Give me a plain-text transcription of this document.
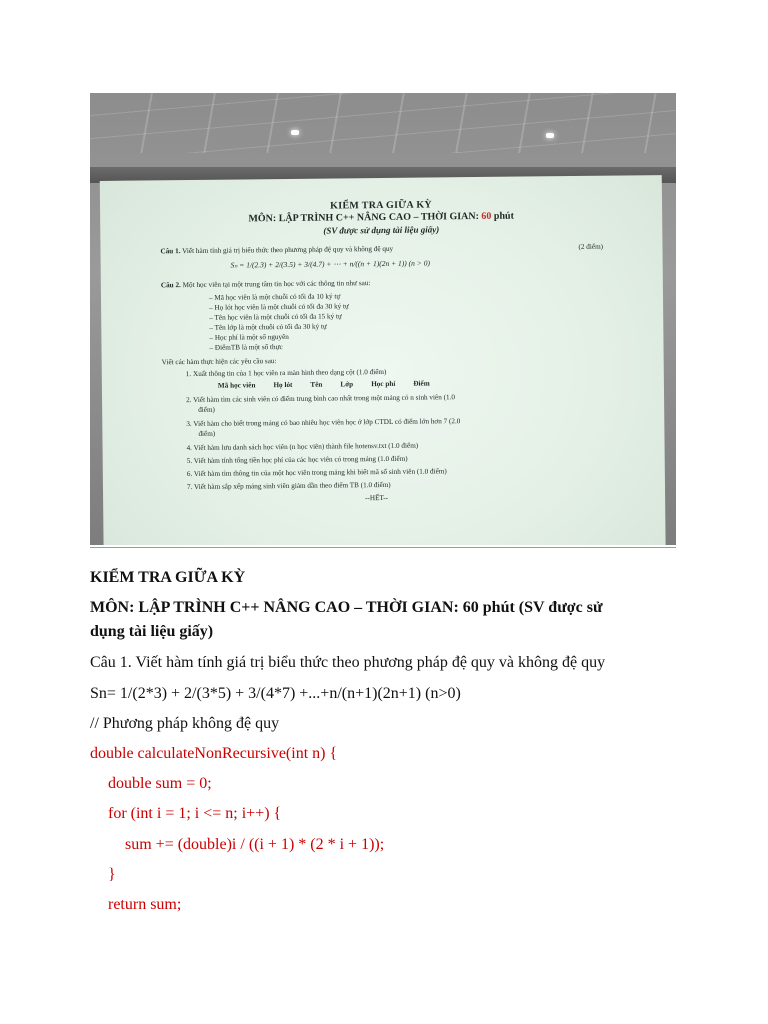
KIỂM TRA GIỮA KỲ
MÔN: LẬP TRÌNH C++ NÂNG CAO – THỜI GIAN: 60 phút
(SV được sử dụng tài liệu giấy)
Câu 1. Viết hàm tính giá trị biểu thức theo phương pháp đệ quy và không đệ quy	(2 điểm)
Sₙ = 1/(2.3) + 2/(3.5) + 3/(4.7) + ⋯ + n/((n + 1)(2n + 1)) (n > 0)
Câu 2. Một học viên tại một trung tâm tin học với các thông tin như sau:
– Mã học viên là một chuỗi có tối đa 10 ký tự
– Họ lót học viên là một chuỗi có tối đa 30 ký tự
– Tên học viên là một chuỗi có tối đa 15 ký tự
– Tên lớp là một chuỗi có tối đa 30 ký tự
– Học phí là một số nguyên
– ĐiểmTB là một số thực
Viết các hàm thực hiện các yêu cầu sau:
1. Xuất thông tin của 1 học viên ra màn hình theo dạng cột (1.0 điểm)
Mã học viên Họ lót Tên Lớp Học phí Điểm
2. Viết hàm tìm các sinh viên có điểm trung bình cao nhất trong một mảng có n sinh viên (1.0
điểm)
3. Viết hàm cho biết trong mảng có bao nhiêu học viên học ở lớp CTDL có điểm lớn hơn 7 (2.0
điểm)
4. Viết hàm lưu danh sách học viên (n học viên) thành file hotensv.txt (1.0 điểm)
5. Viết hàm tính tổng tiền học phí của các học viên có trong mảng (1.0 điểm)
6. Viết hàm tìm thông tin của một học viên trong mảng khi biết mã số sinh viên (1.0 điểm)
7. Viết hàm sắp xếp mảng sinh viên giảm dần theo điểm TB (1.0 điểm)
--HẾT--
KIỂM TRA GIỮA KỲ
MÔN: LẬP TRÌNH C++ NÂNG CAO – THỜI GIAN: 60 phút (SV được sử
dụng tài liệu giấy)
Câu 1. Viết hàm tính giá trị biểu thức theo phương pháp đệ quy và không đệ quy
Sn= 1/(2*3) + 2/(3*5) + 3/(4*7) +...+n/(n+1)(2n+1) (n>0)
// Phương pháp không đệ quy
double calculateNonRecursive(int n) {
double sum = 0;
for (int i = 1; i <= n; i++) {
sum += (double)i / ((i + 1) * (2 * i + 1));
}
return sum;
